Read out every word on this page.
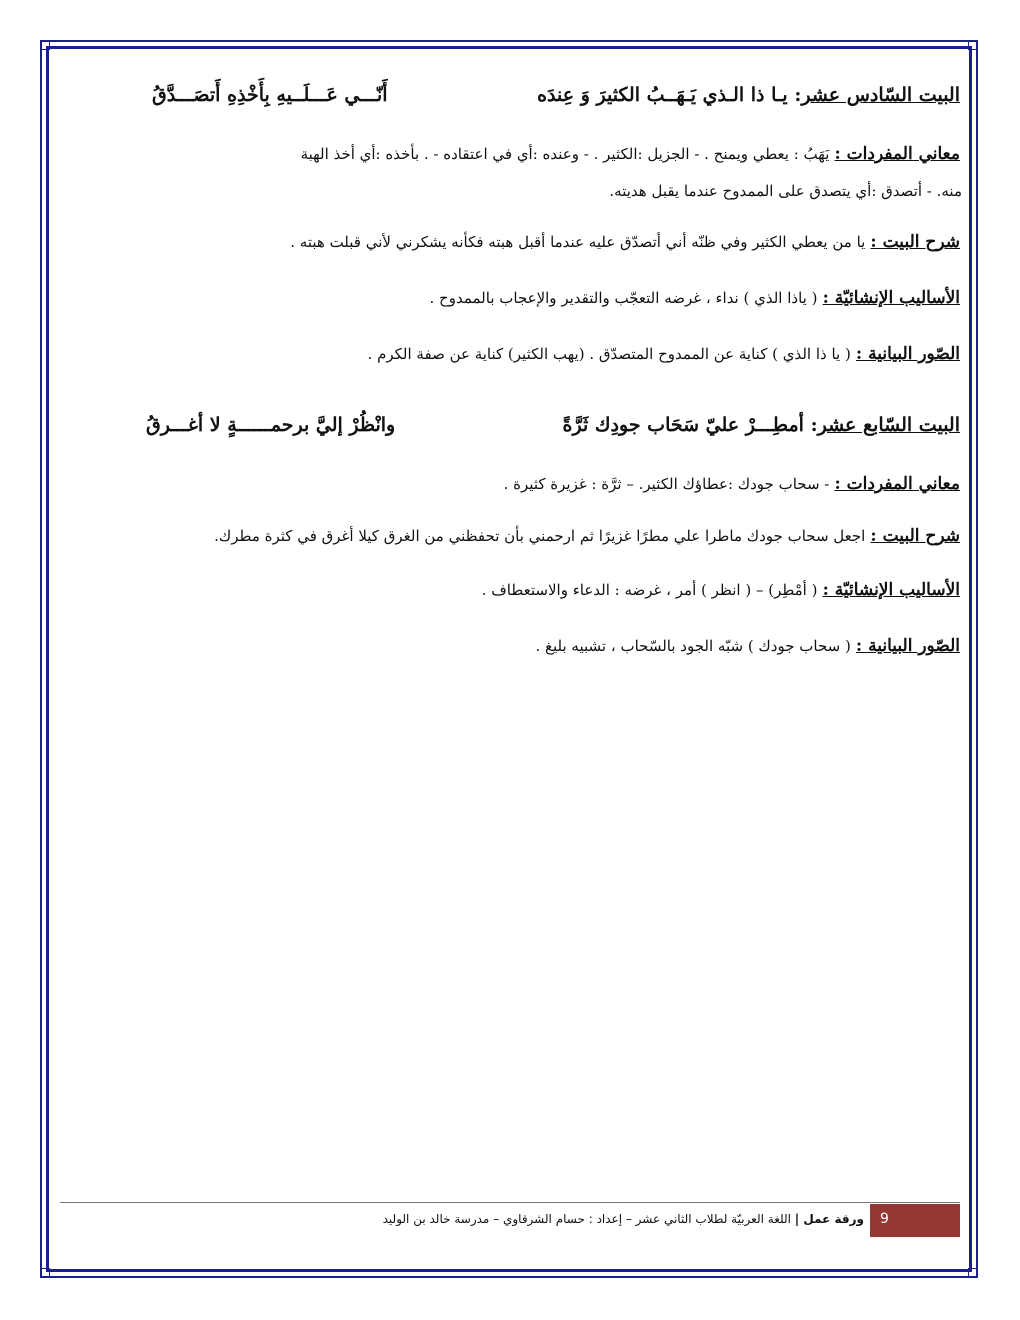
البيت السّادس عشر: يـا ذا الـذي يَـهَــبُ الكثيرَ وَ عِندَه
أَنّـــي عَـــلَــيهِ بِأَخْذِهِ أَتصَـــدَّقُ
معاني المفردات : يَهَبُ : يعطي ويمنح . - الجزيل :الكثير . - وعنده :أي في اعتقاده - . بأخذه :أي أخذ الهبة
منه. - أتصدق :أي يتصدق على الممدوح عندما يقبل هديته.
شرح البيت : يا من يعطي الكثير وفي ظنّه أني أتصدّق عليه عندما أقبل هبته فكأنه يشكرني لأني قبلت هبته .
الأساليب الإنشائيّة : ( ياذا الذي ) نداء ، غرضه التعجّب والتقدير والإعجاب بالممدوح .
الصّور البيانية : ( يا ذا الذي ) كناية عن الممدوح المتصدّق . (يهب الكثير) كناية عن صفة الكرم .
البيت السّابع عشر: أمطِـــرْ عليّ سَحَاب جودِك ثَرَّةً
وانْظُرْ إليَّ برحمــــــةٍ لا أغـــرقُ
معاني المفردات : - سحاب جودك :عطاؤك الكثير. – ثرَّة : غزيرة كثيرة .
شرح البيت : اجعل سحاب جودك ماطرا علي مطرًا غزيرًا ثم ارحمني بأن تحفظني من الغرق كيلا أغرق في كثرة مطرك.
الأساليب الإنشائيّة : ( أمْطِر) – ( انظر ) أمر ، غرضه : الدعاء والاستعطاف .
الصّور البيانية : ( سحاب جودك ) شبّه الجود بالسّحاب ، تشبيه بليغ .
9
ورقة عمل | اللغة العربيّة لطلاب الثاني عشر – إعداد : حسام الشرقاوي – مدرسة خالد بن الوليد
